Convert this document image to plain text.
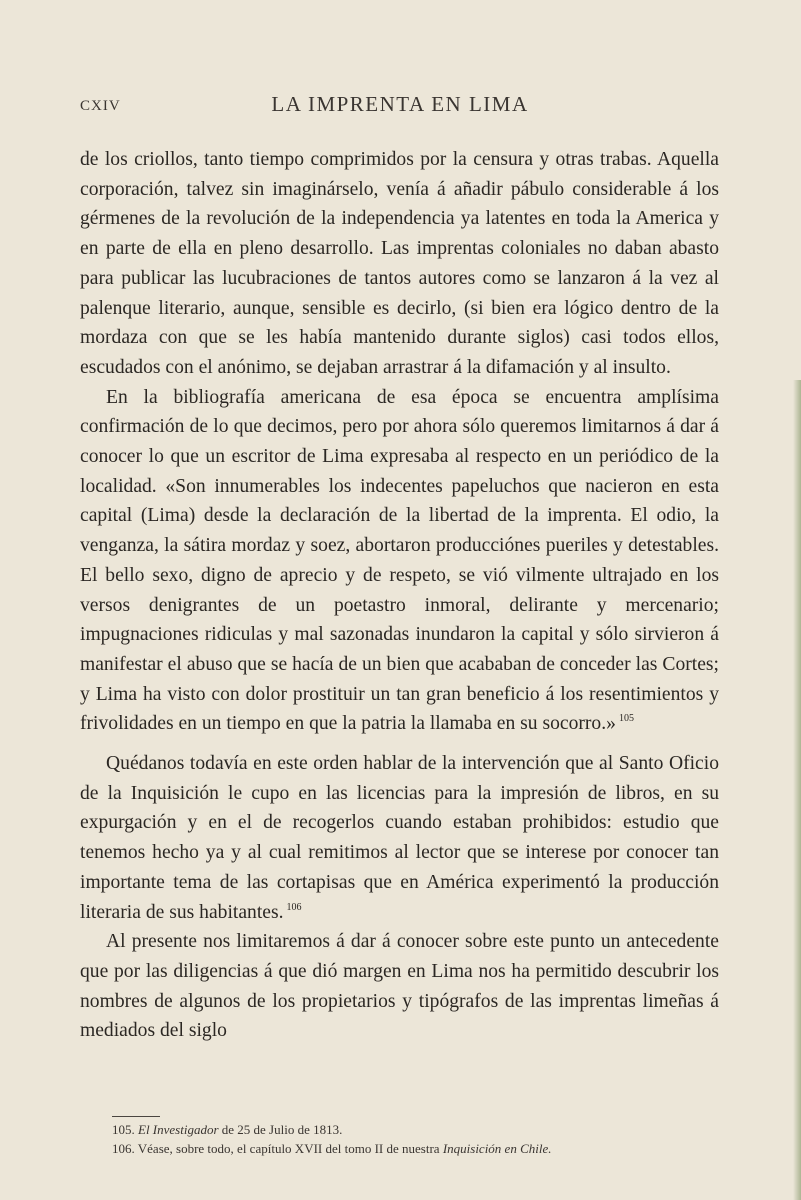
CXIV	LA IMPRENTA EN LIMA

de los criollos, tanto tiempo comprimidos por la censura y otras trabas. Aquella corporación, talvez sin imaginárselo, venía á añadir pábulo considerable á los gérmenes de la revolución de la independencia ya latentes en toda la America y en parte de ella en pleno desarrollo. Las imprentas coloniales no daban abasto para publicar las lucubraciones de tantos autores como se lanzaron á la vez al palenque literario, aunque, sensible es decirlo, (si bien era lógico dentro de la mordaza con que se les había mantenido durante siglos) casi todos ellos, escudados con el anónimo, se dejaban arrastrar á la difamación y al insulto.

En la bibliografía americana de esa época se encuentra amplísima confirmación de lo que decimos, pero por ahora sólo queremos limitarnos á dar á conocer lo que un escritor de Lima expresaba al respecto en un periódico de la localidad. «Son innumerables los indecentes papeluchos que nacieron en esta capital (Lima) desde la declaración de la libertad de la imprenta. El odio, la venganza, la sátira mordaz y soez, abortaron producciónes pueriles y detestables. El bello sexo, digno de aprecio y de respeto, se vió vilmente ultrajado en los versos denigrantes de un poetastro inmoral, delirante y mercenario; impugnaciones ridiculas y mal sazonadas inundaron la capital y sólo sirvieron á manifestar el abuso que se hacía de un bien que acababan de conceder las Cortes; y Lima ha visto con dolor prostituir un tan gran beneficio á los resentimientos y frivolidades en un tiempo en que la patria la llamaba en su socorro.» $^{105}$

Quédanos todavía en este orden hablar de la intervención que al Santo Oficio de la Inquisición le cupo en las licencias para la impresión de libros, en su expurgación y en el de recogerlos cuando estaban prohibidos: estudio que tenemos hecho ya y al cual remitimos al lector que se interese por conocer tan importante tema de las cortapisas que en América experimentó la producción literaria de sus habitantes. $^{106}$

Al presente nos limitaremos á dar á conocer sobre este punto un antecedente que por las diligencias á que dió margen en Lima nos ha permitido descubrir los nombres de algunos de los propietarios y tipógrafos de las imprentas limeñas á mediados del siglo

105. El Investigador de 25 de Julio de 1813.
106. Véase, sobre todo, el capítulo XVII del tomo II de nuestra Inquisición en Chile.
